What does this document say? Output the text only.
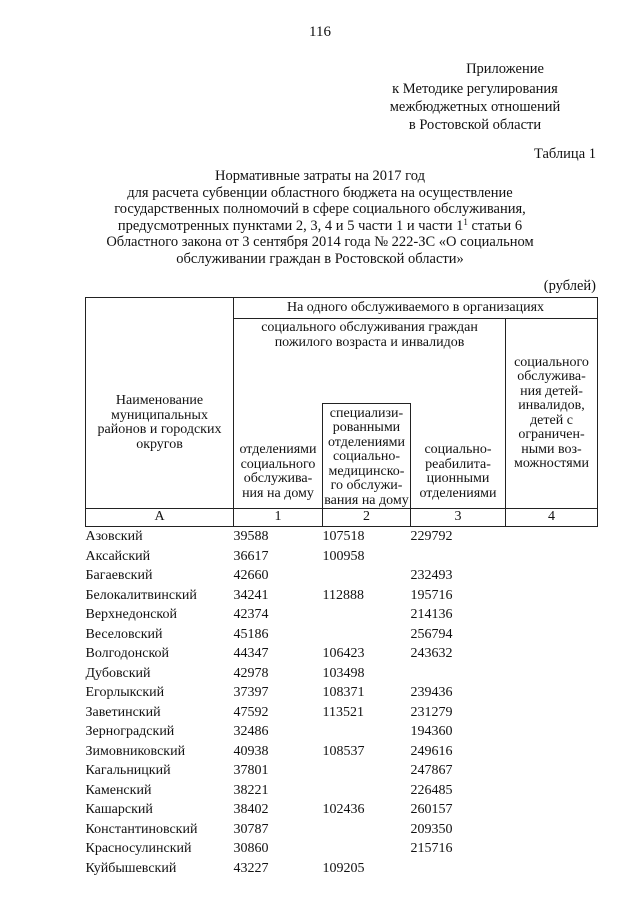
116
Приложение
к Методике регулирования
межбюджетных отношений
в Ростовской области
Таблица 1
Нормативные затраты на 2017 год
для расчета субвенции областного бюджета на осуществление
государственных полномочий в сфере социального обслуживания,
предусмотренных пунктами 2, 3, 4 и 5 части 1 и части $1^1$ статьи 6
Областного закона от 3 сентября 2014 года № 222-ЗС «О социальном
обслуживании граждан в Ростовской области»
(рублей)
Наименование муниципальных районов и городских округов	На одного обслуживаемого в организациях			
	социального обслуживания граждан пожилого возраста и инвалидов			социального обслужива- ния детей- инвалидов, детей с ограничен- ными воз- можностями
	отделениями социального обслужива- ния на дому	специализи- рованными отделениями социально- медицинско- го обслужи- вания на дому	социально- реабилита- ционными отделениями	
А	1	2	3	4
Азовский	39588	107518	229792	
Аксайский	36617	100958		
Багаевский	42660		232493	
Белокалитвинский	34241	112888	195716	
Верхнедонской	42374		214136	
Веселовский	45186		256794	
Волгодонской	44347	106423	243632	
Дубовский	42978	103498		
Егорлыкский	37397	108371	239436	
Заветинский	47592	113521	231279	
Зерноградский	32486		194360	
Зимовниковский	40938	108537	249616	
Кагальницкий	37801		247867	
Каменский	38221		226485	
Кашарский	38402	102436	260157	
Константиновский	30787		209350	
Красносулинский	30860		215716	
Куйбышевский	43227	109205		
